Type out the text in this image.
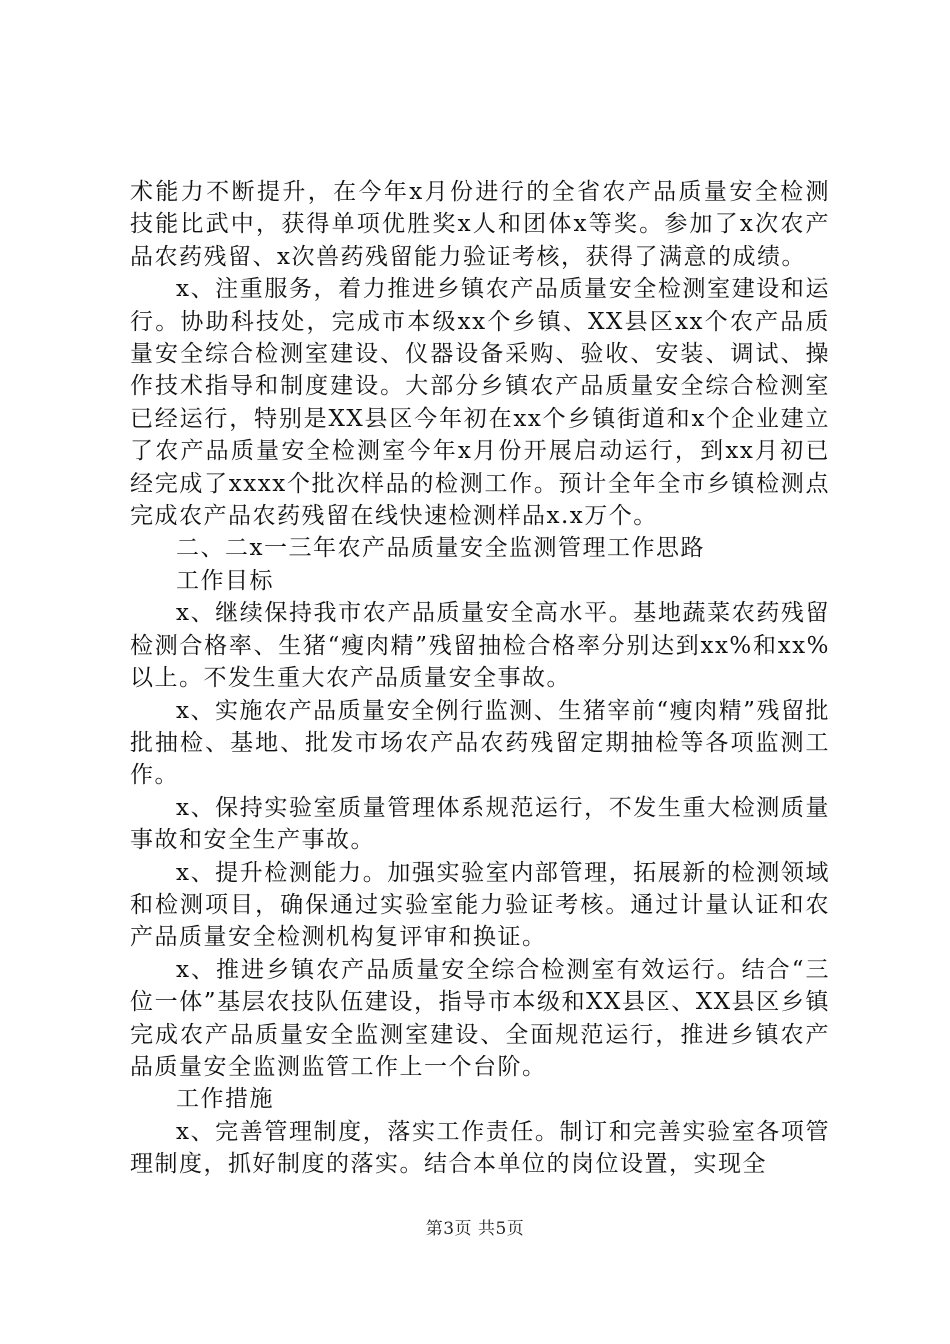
术能力不断提升，在今年x月份进行的全省农产品质量安全检测技能比武中，获得单项优胜奖x人和团体x等奖。参加了x次农产品农药残留、x次兽药残留能力验证考核，获得了满意的成绩。

x、注重服务，着力推进乡镇农产品质量安全检测室建设和运行。协助科技处，完成市本级xx个乡镇、XX县区xx个农产品质量安全综合检测室建设、仪器设备采购、验收、安装、调试、操作技术指导和制度建设。大部分乡镇农产品质量安全综合检测室已经运行，特别是XX县区今年初在xx个乡镇街道和x个企业建立了农产品质量安全检测室今年x月份开展启动运行，到xx月初已经完成了xxxx个批次样品的检测工作。预计全年全市乡镇检测点完成农产品农药残留在线快速检测样品x.x万个。

二、二x一三年农产品质量安全监测管理工作思路

工作目标

x、继续保持我市农产品质量安全高水平。基地蔬菜农药残留检测合格率、生猪“瘦肉精”残留抽检合格率分别达到xx%和xx%以上。不发生重大农产品质量安全事故。

x、实施农产品质量安全例行监测、生猪宰前“瘦肉精”残留批批抽检、基地、批发市场农产品农药残留定期抽检等各项监测工作。

x、保持实验室质量管理体系规范运行，不发生重大检测质量事故和安全生产事故。

x、提升检测能力。加强实验室内部管理，拓展新的检测领域和检测项目，确保通过实验室能力验证考核。通过计量认证和农产品质量安全检测机构复评审和换证。

x、推进乡镇农产品质量安全综合检测室有效运行。结合“三位一体”基层农技队伍建设，指导市本级和XX县区、XX县区乡镇完成农产品质量安全监测室建设、全面规范运行，推进乡镇农产品质量安全监测监管工作上一个台阶。

工作措施

x、完善管理制度，落实工作责任。制订和完善实验室各项管理制度，抓好制度的落实。结合本单位的岗位设置，实现全

第3页 共5页
